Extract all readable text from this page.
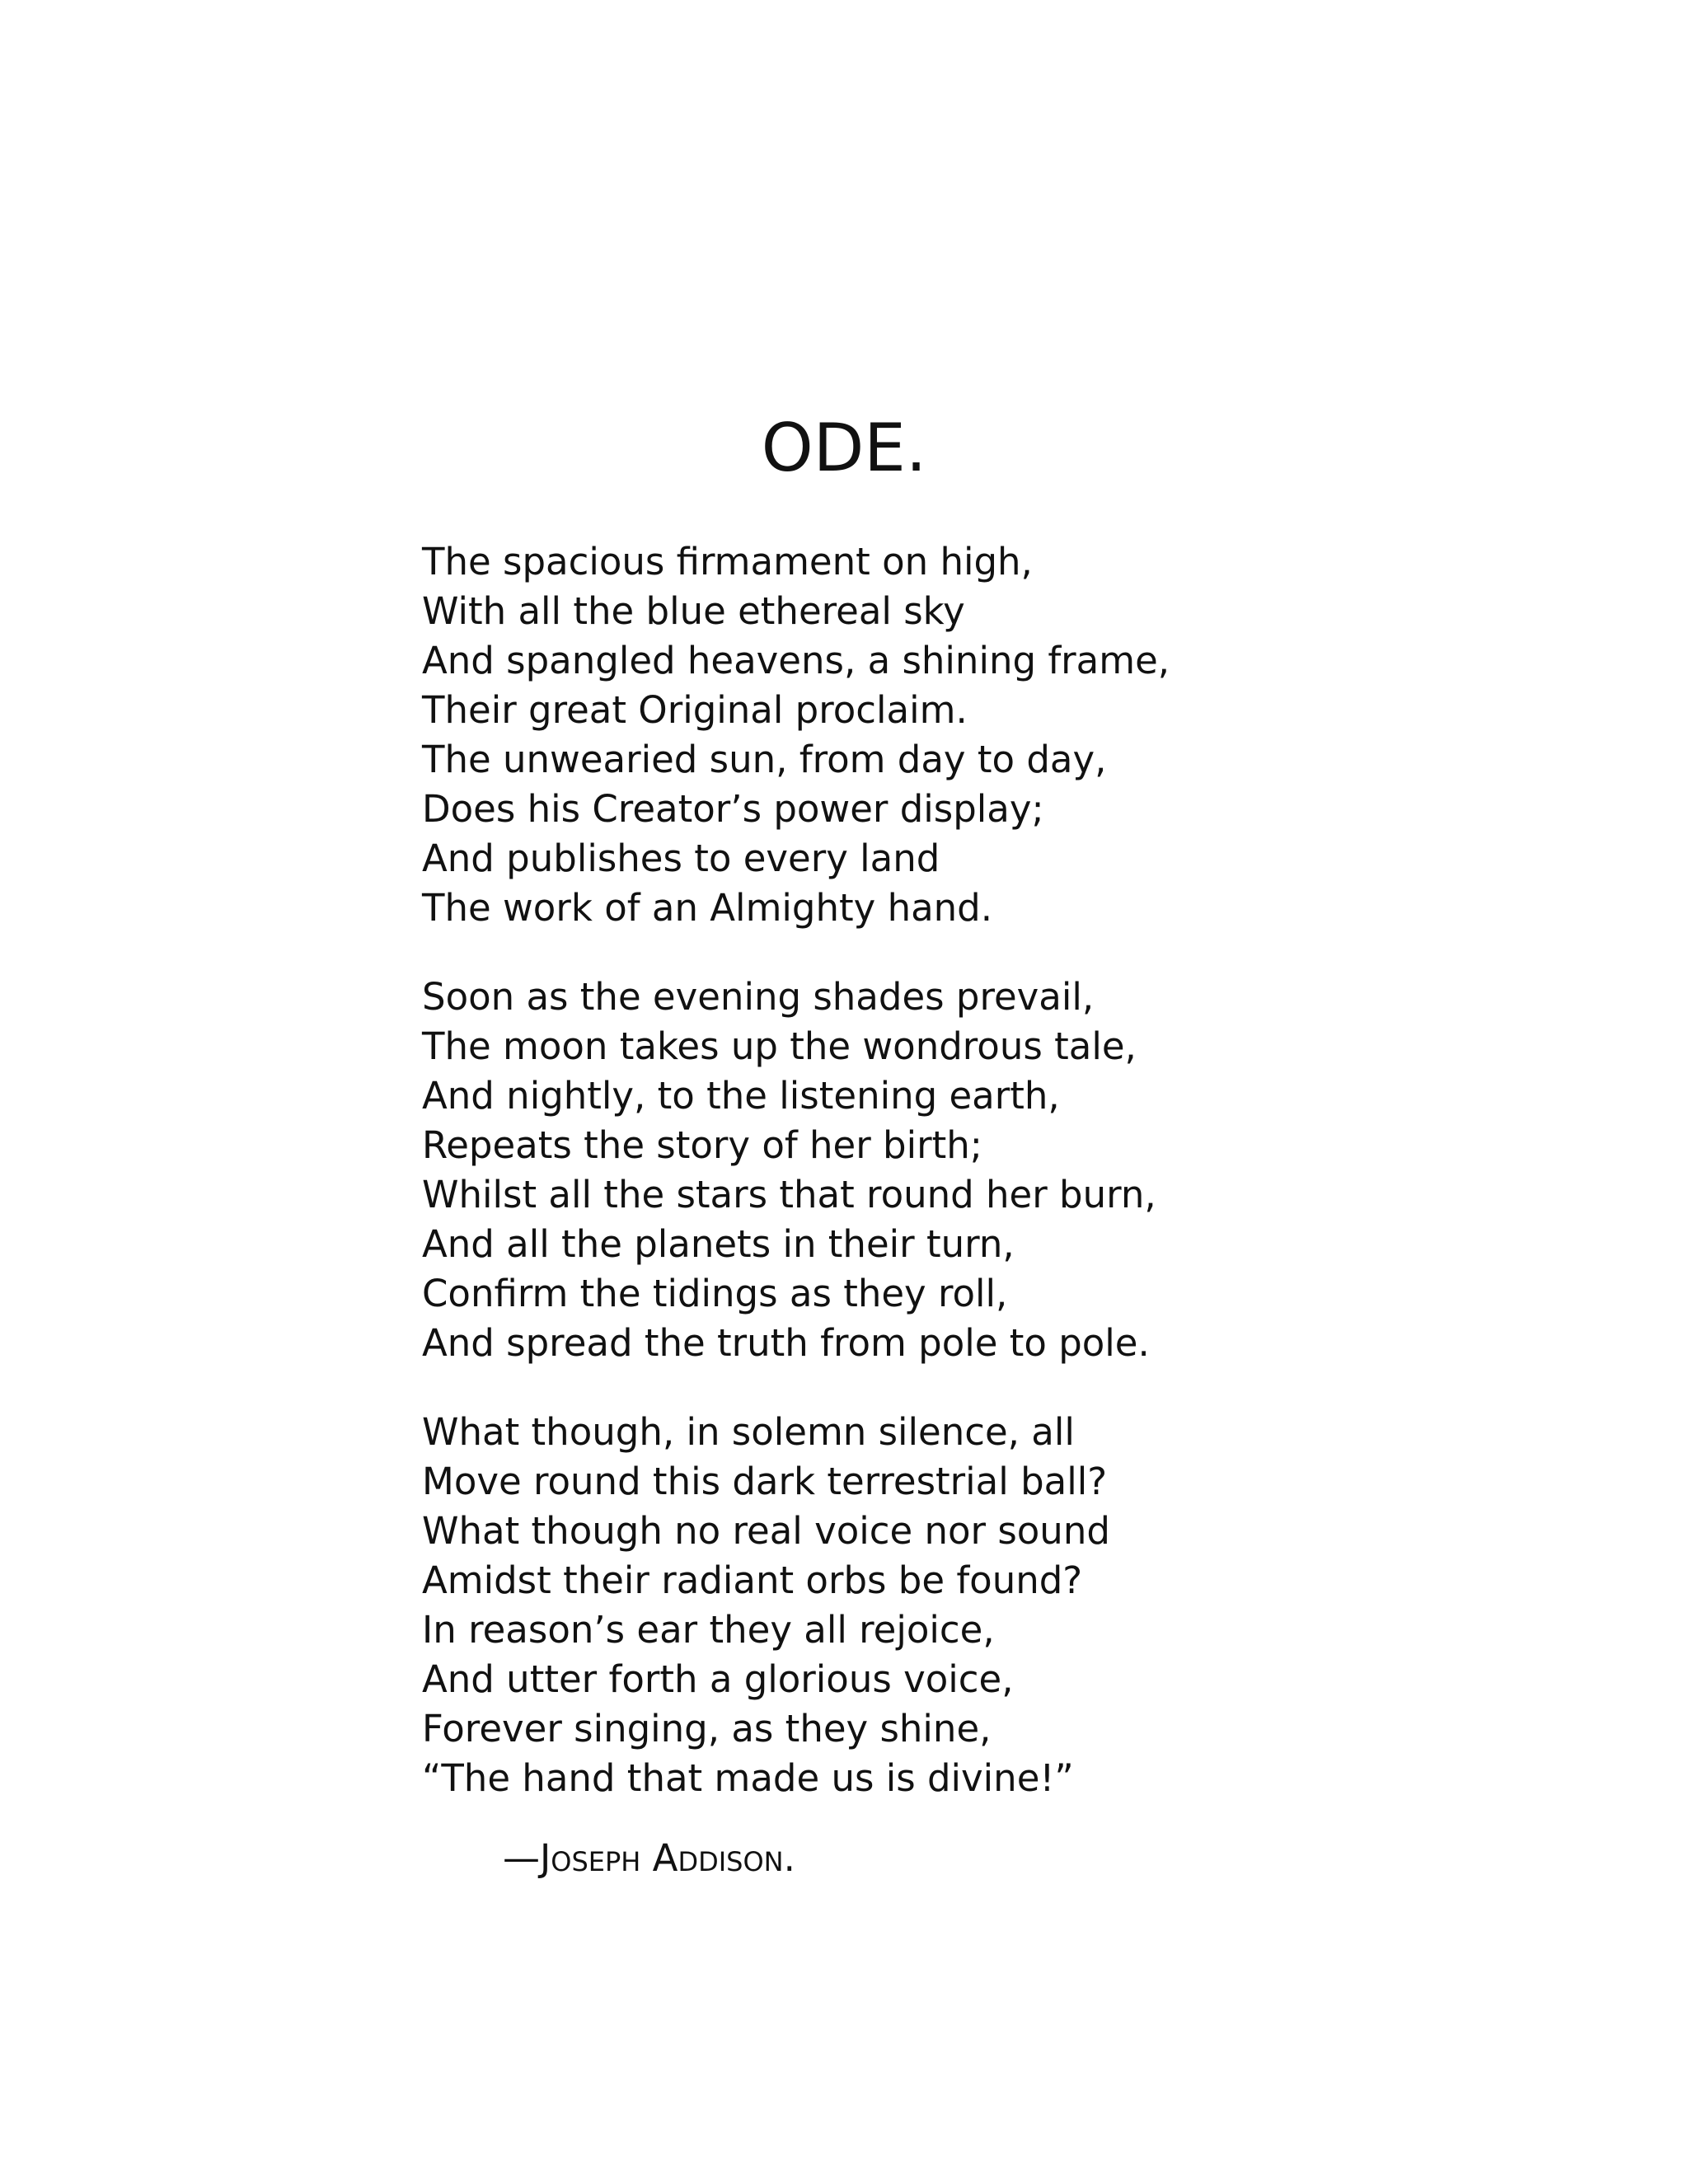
ODE.
The spacious firmament on high,
With all the blue ethereal sky
And spangled heavens, a shining frame,
Their great Original proclaim.
The unwearied sun, from day to day,
Does his Creator’s power display;
And publishes to every land
The work of an Almighty hand.
Soon as the evening shades prevail,
The moon takes up the wondrous tale,
And nightly, to the listening earth,
Repeats the story of her birth;
Whilst all the stars that round her burn,
And all the planets in their turn,
Confirm the tidings as they roll,
And spread the truth from pole to pole.
What though, in solemn silence, all
Move round this dark terrestrial ball?
What though no real voice nor sound
Amidst their radiant orbs be found?
In reason’s ear they all rejoice,
And utter forth a glorious voice,
Forever singing, as they shine,
“The hand that made us is divine!”
—Joseph Addison.
